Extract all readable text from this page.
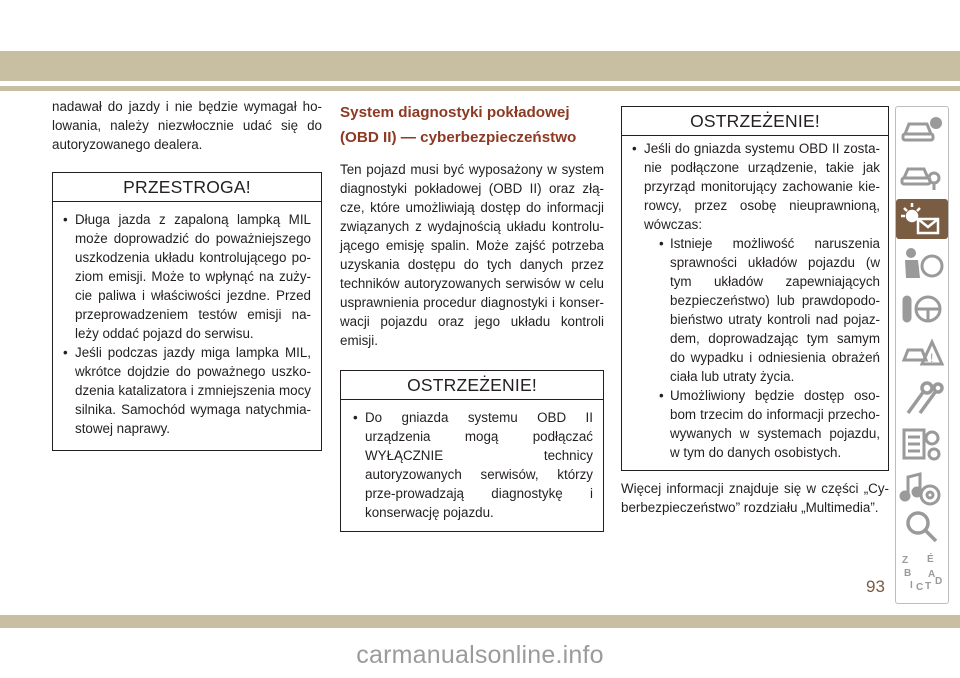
nadawał do jazdy i nie będzie wymagał ho-lowania, należy niezwłocznie udać się do autoryzowanego dealera.

PRZESTROGA!
• Długa jazda z zapaloną lampką MIL może doprowadzić do poważniejszego uszkodzenia układu kontrolującego po-ziom emisji. Może to wpłynąć na zuży-cie paliwa i właściwości jezdne. Przed przeprowadzeniem testów emisji na-leży oddać pojazd do serwisu.
• Jeśli podczas jazdy miga lampka MIL, wkrótce dojdzie do poważnego uszko-dzenia katalizatora i zmniejszenia mocy silnika. Samochód wymaga natychmia-stowej naprawy.
System diagnostyki pokładowej (OBD II) — cyberbezpieczeństwo

Ten pojazd musi być wyposażony w system diagnostyki pokładowej (OBD II) oraz złą-cze, które umożliwiają dostęp do informacji związanych z wydajnością układu kontrolu-jącego emisję spalin. Może zajść potrzeba uzyskania dostępu do tych danych przez techników autoryzowanych serwisów w celu usprawnienia procedur diagnostyki i konser-wacji pojazdu oraz jego układu kontroli emisji.

OSTRZEŻENIE!
• Do gniazda systemu OBD II urządzenia mogą podłączać WYŁĄCZNIE technicy autoryzowanych serwisów, którzy prze-prowadzają diagnostykę i konserwację pojazdu.
OSTRZEŻENIE!
• Jeśli do gniazda systemu OBD II zosta-nie podłączone urządzenie, takie jak przyrząd monitorujący zachowanie kie-rowcy, przez osobę nieuprawnioną, wówczas:
• Istnieje możliwość naruszenia sprawności układów pojazdu (w tym układów zapewniających bezpieczeństwo) lub prawdopodo-bieństwo utraty kontroli nad pojaz-dem, doprowadzając tym samym do wypadku i odniesienia obrażeń ciała lub utraty życia.
• Umożliwiony będzie dostęp oso-bom trzecim do informacji przecho-wywanych w systemach pojazdu, w tym do danych osobistych.

Więcej informacji znajduje się w części „Cy-berbezpieczeństwo” rozdziału „Multimedia”.

!
Z É
B A
I C T D
93
carmanualsonline.info
